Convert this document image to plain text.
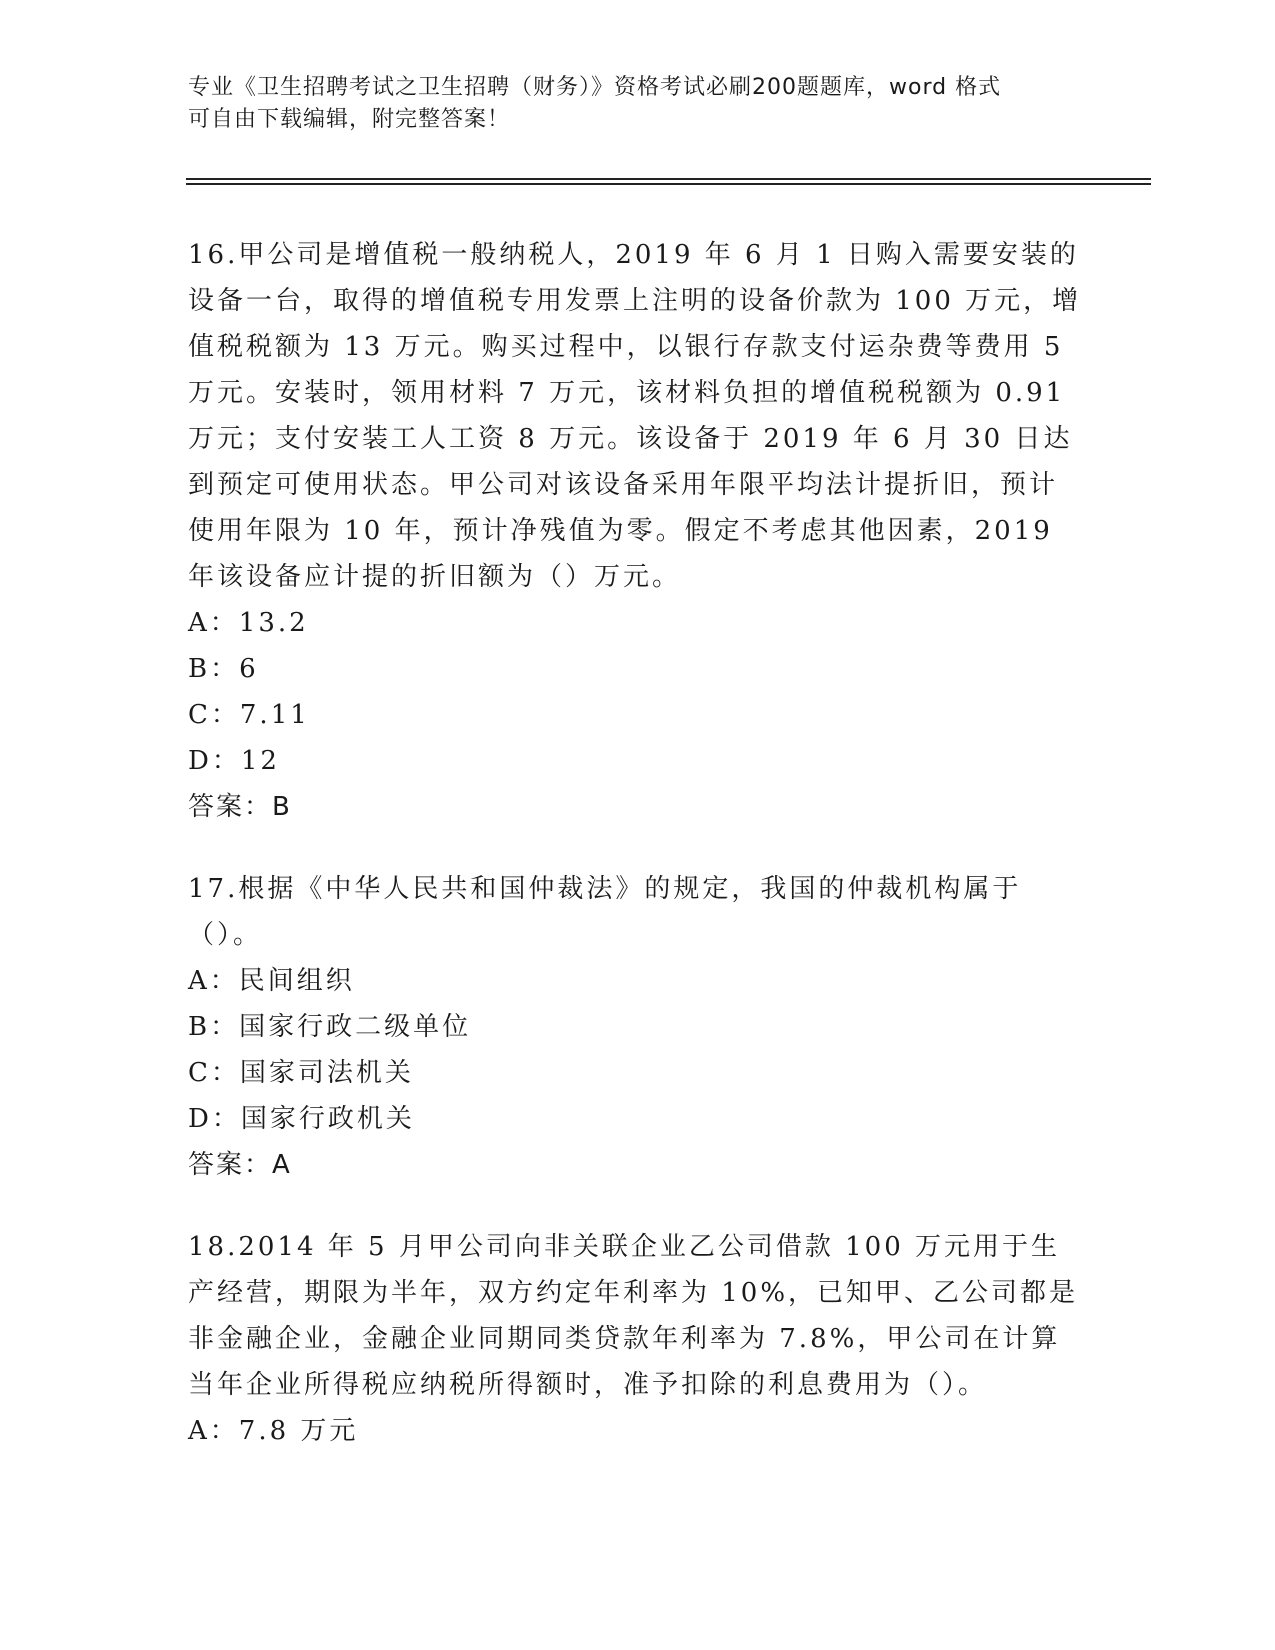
专业《卫生招聘考试之卫生招聘（财务）》资格考试必刷200题题库，word 格式
可自由下载编辑，附完整答案！

16.甲公司是增值税一般纳税人，2019 年 6 月 1 日购入需要安装的设备一台，取得的增值税专用发票上注明的设备价款为 100 万元，增值税税额为 13 万元。购买过程中，以银行存款支付运杂费等费用 5 万元。安装时，领用材料 7 万元，该材料负担的增值税税额为 0.91 万元；支付安装工人工资 8 万元。该设备于 2019 年 6 月 30 日达到预定可使用状态。甲公司对该设备采用年限平均法计提折旧，预计使用年限为 10 年，预计净残值为零。假定不考虑其他因素，2019 年该设备应计提的折旧额为（）万元。

A：13.2

B：6

C：7.11

D：12

答案：B

17.根据《中华人民共和国仲裁法》的规定，我国的仲裁机构属于（）。

A：民间组织

B：国家行政二级单位

C：国家司法机关

D：国家行政机关

答案：A

18.2014 年 5 月甲公司向非关联企业乙公司借款 100 万元用于生产经营，期限为半年，双方约定年利率为 10%，已知甲、乙公司都是非金融企业，金融企业同期同类贷款年利率为 7.8%，甲公司在计算当年企业所得税应纳税所得额时，准予扣除的利息费用为（）。

A：7.8 万元
